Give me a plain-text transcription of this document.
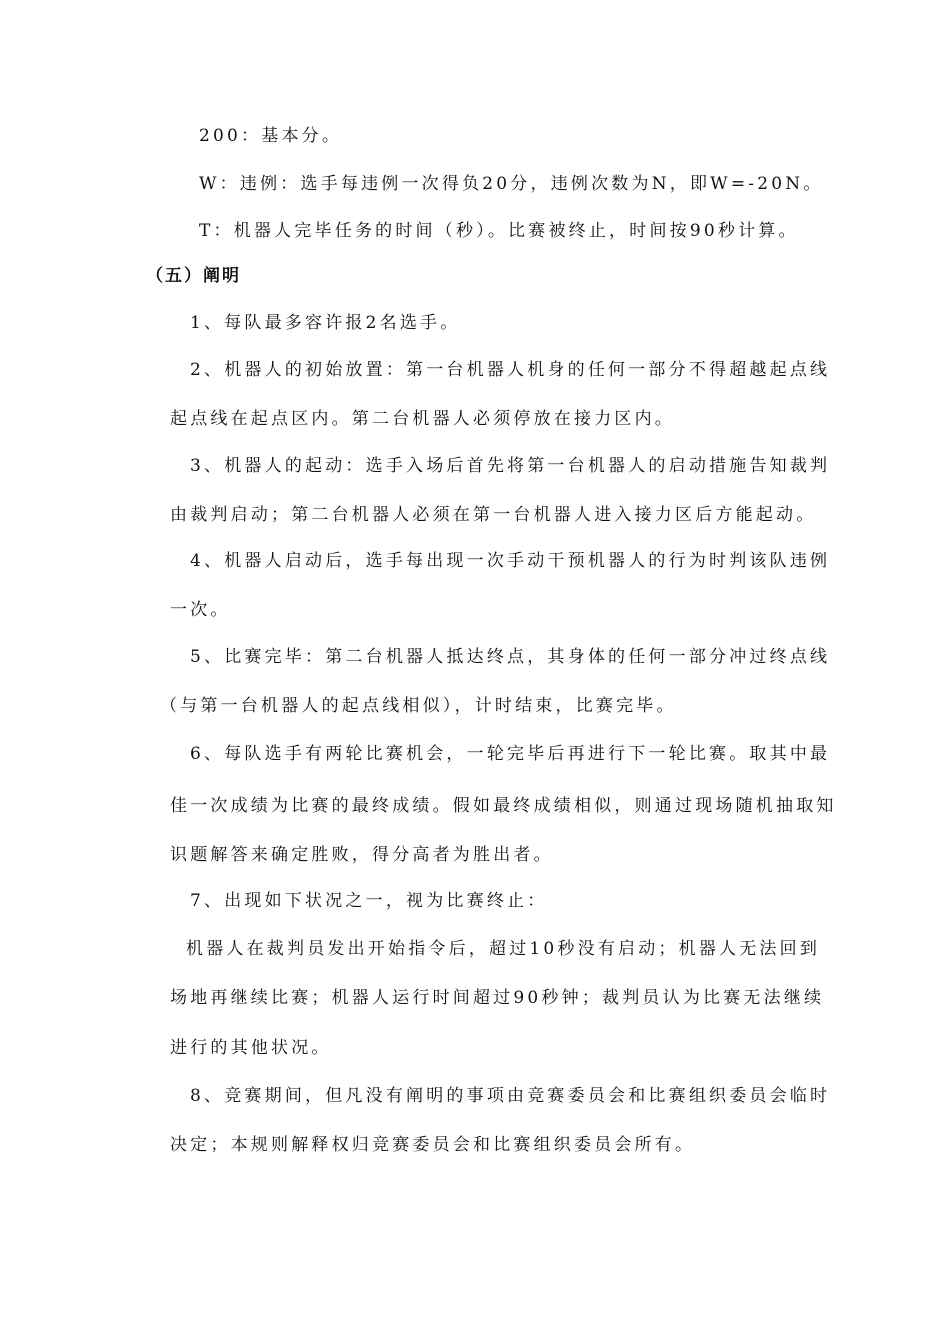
200：基本分。
W：违例：选手每违例一次得负20分，违例次数为N，即W=-20N。
T：机器人完毕任务的时间（秒）。比赛被终止，时间按90秒计算。
（五）阐明
1、每队最多容许报2名选手。
2、机器人的初始放置：第一台机器人机身的任何一部分不得超越起点线
起点线在起点区内。第二台机器人必须停放在接力区内。
3、机器人的起动：选手入场后首先将第一台机器人的启动措施告知裁判
由裁判启动；第二台机器人必须在第一台机器人进入接力区后方能起动。
4、机器人启动后，选手每出现一次手动干预机器人的行为时判该队违例
一次。
5、比赛完毕：第二台机器人抵达终点，其身体的任何一部分冲过终点线
（与第一台机器人的起点线相似），计时结束，比赛完毕。
6、每队选手有两轮比赛机会，一轮完毕后再进行下一轮比赛。取其中最
佳一次成绩为比赛的最终成绩。假如最终成绩相似，则通过现场随机抽取知
识题解答来确定胜败，得分高者为胜出者。
7、出现如下状况之一，视为比赛终止：
机器人在裁判员发出开始指令后，超过10秒没有启动；机器人无法回到
场地再继续比赛；机器人运行时间超过90秒钟；裁判员认为比赛无法继续
进行的其他状况。
8、竞赛期间，但凡没有阐明的事项由竞赛委员会和比赛组织委员会临时
决定；本规则解释权归竞赛委员会和比赛组织委员会所有。
